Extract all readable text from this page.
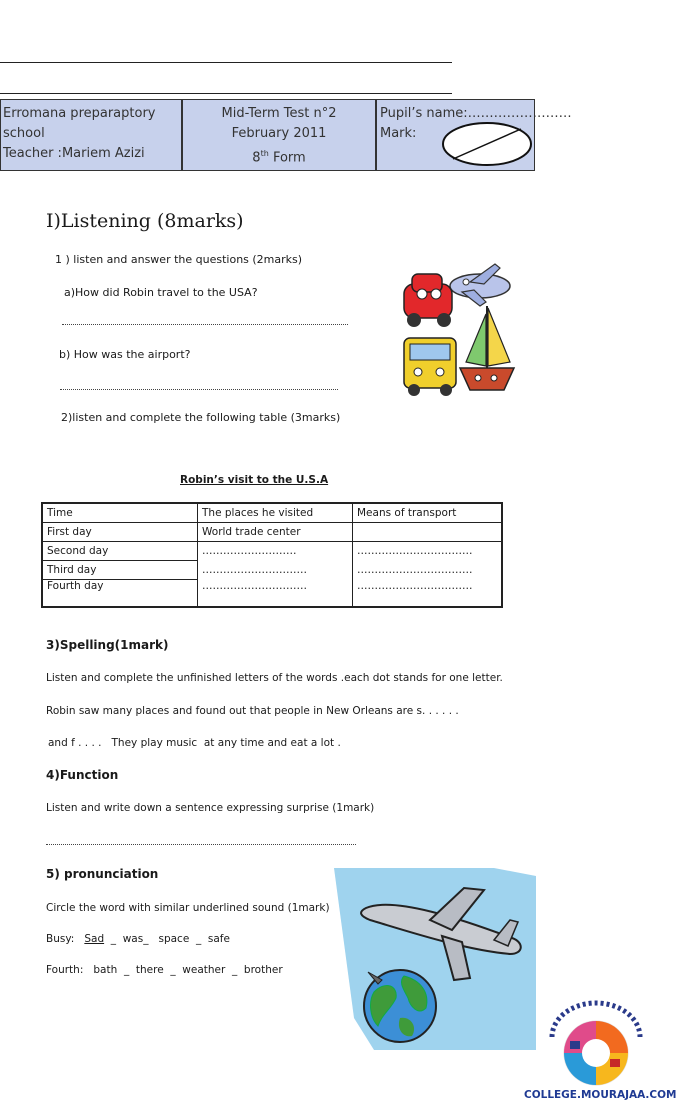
Erromana preparaptory
school
Teacher :Mariem Azizi
Mid-Term Test n°2
February 2011
8th Form
Pupil’s name:……………………
Mark:
I)Listening (8marks)
1 ) listen and answer the questions (2marks)
a)How did Robin travel to the USA?
b) How was the airport?
2)listen and complete the following table (3marks)
Robin’s visit to the U.S.A
Time	The places he visited	Means of transport
First day	World trade center	
Second day	………………………	……………………………
Third day	…………………………	……………………………
Fourth day	…………………………	……………………………
3)Spelling(1mark)
Listen and complete the unfinished letters of the words .each dot stands for one letter.
Robin saw many places and found out that people in New Orleans are s. . . . . .
and f . . . .   They play music  at any time and eat a lot .
4)Function
Listen and write down a sentence expressing surprise (1mark)
5) pronunciation
Circle the word with similar underlined sound (1mark)
Busy: Sad  _  was_   space  _  safe
Fourth: bath  _  there  _  weather  _  brother
COLLEGE.MOURAJAA.COM
